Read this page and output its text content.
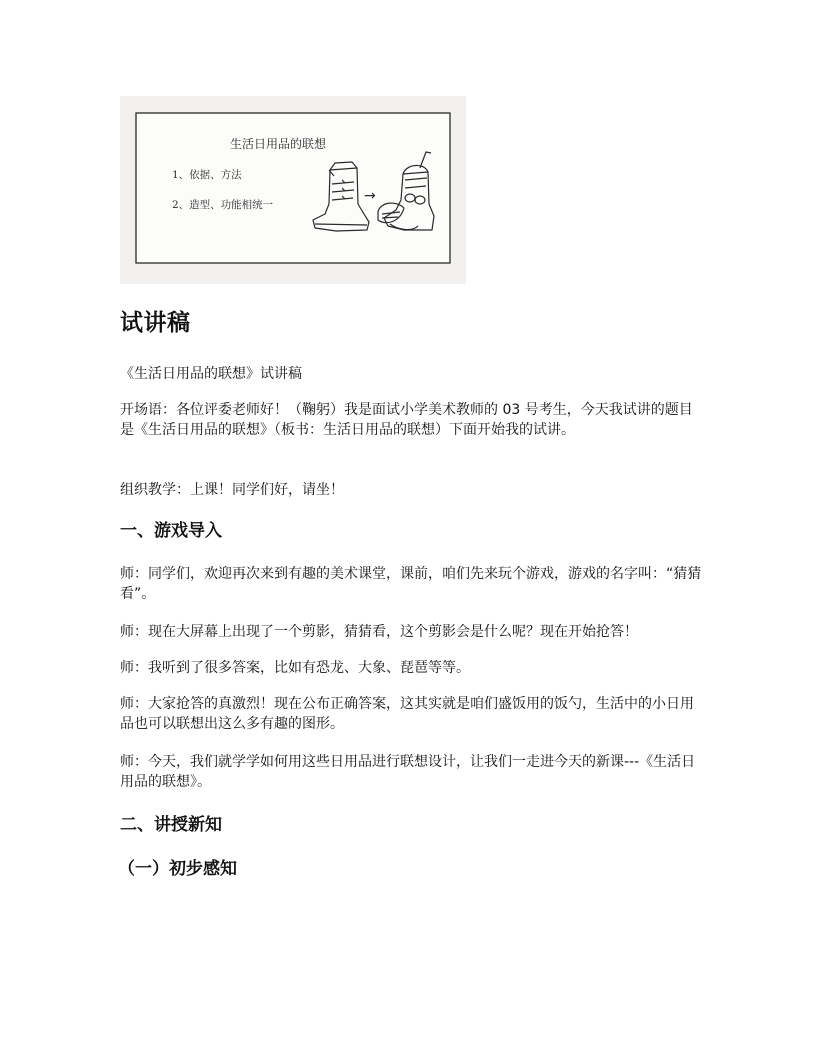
生活日用品的联想
1、依据、方法
2、造型、功能相统一
→
试讲稿

《生活日用品的联想》试讲稿

开场语：各位评委老师好！（鞠躬）我是面试小学美术教师的 03 号考生，今天我试讲的题目是《生活日用品的联想》（板书：生活日用品的联想）下面开始我的试讲。

组织教学：上课！同学们好，请坐！

一、游戏导入

师：同学们，欢迎再次来到有趣的美术课堂，课前，咱们先来玩个游戏，游戏的名字叫：“猜猜看”。

师：现在大屏幕上出现了一个剪影，猜猜看，这个剪影会是什么呢？现在开始抢答！

师：我听到了很多答案，比如有恐龙、大象、琵琶等等。

师：大家抢答的真激烈！现在公布正确答案，这其实就是咱们盛饭用的饭勺，生活中的小日用品也可以联想出这么多有趣的图形。

师：今天，我们就学学如何用这些日用品进行联想设计，让我们一走进今天的新课---《生活日用品的联想》。

二、讲授新知
（一）初步感知
